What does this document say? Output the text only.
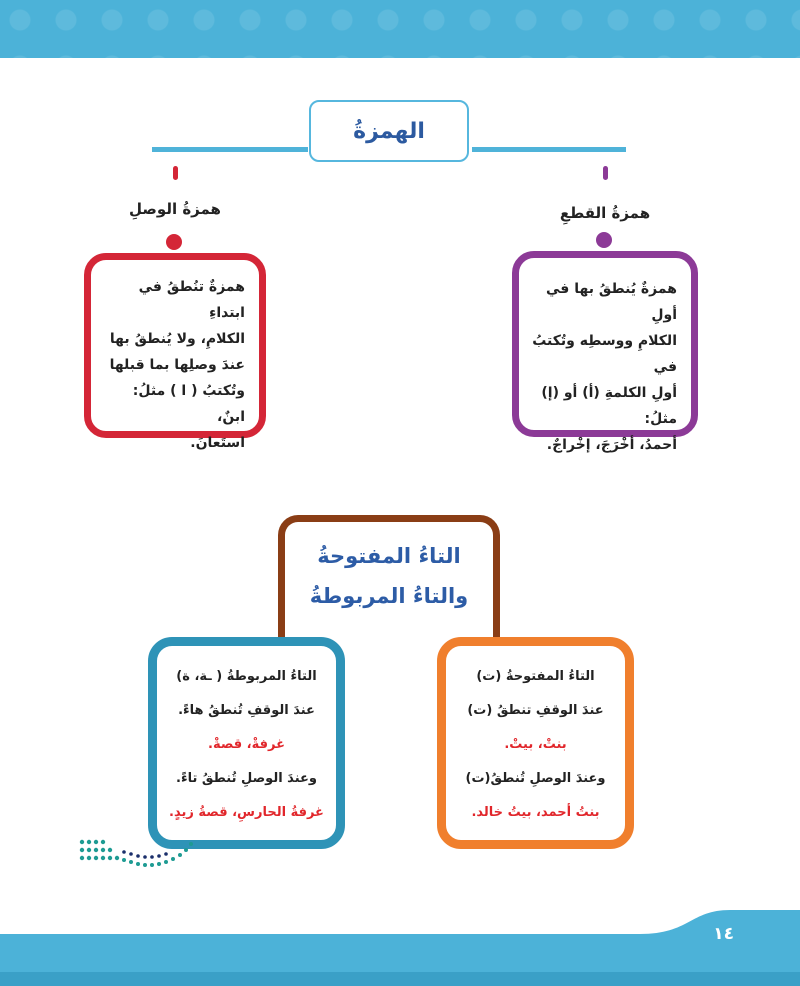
الهمزةُ
همزةُ الوصلِ
همزةٌ تنُطقُ في ابتداءِ
الكلامِ، ولا يُنطقُ بها
عندَ وصلِها بما قبلها
وتُكتبُ ( ا ) مثلُ: ابنٌ،
استَعانَ.
همزةُ القطعِ
همزةٌ يُنطقُ بها في أولِ
الكلامِ ووسطِه وتُكتبُ في
أولِ الكلمةِ (أ) أو (إ) مثلُ:
أحمدُ، أخْرَجَ، إخْراجٌ.
التاءُ المفتوحةُ
والتاءُ المربوطةُ
التاءُ المربوطةُ ( ـة، ة)
عندَ الوقفِ تُنطقُ هاءً.
غرفةْ، قصةْ.
وعندَ الوصلِ تُنطقُ تاءً.
غرفةُ الحارسِ، قصةُ زيدٍ.
التاءُ المفتوحةُ (ت)
عندَ الوقفِ تنطقُ (ت)
بنتْ، بيتْ.
وعندَ الوصلِ تُنطقُ(ت)
بنتُ أحمد، بيتُ خالد.
١٤
